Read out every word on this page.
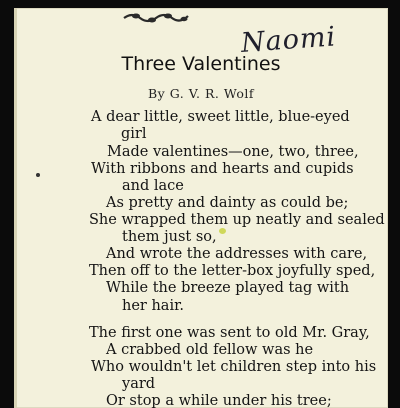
Naomi
Three Valentines
By G. V. R. Wolf
A dear little, sweet little, blue-eyed
girl
Made valentines—one, two, three,
With ribbons and hearts and cupids
and lace
As pretty and dainty as could be;
She wrapped them up neatly and sealed
them just so,
And wrote the addresses with care,
Then off to the letter-box joyfully sped,
While the breeze played tag with
her hair.
The first one was sent to old Mr. Gray,
A crabbed old fellow was he
Who wouldn't let children step into his
yard
Or stop a while under his tree;
